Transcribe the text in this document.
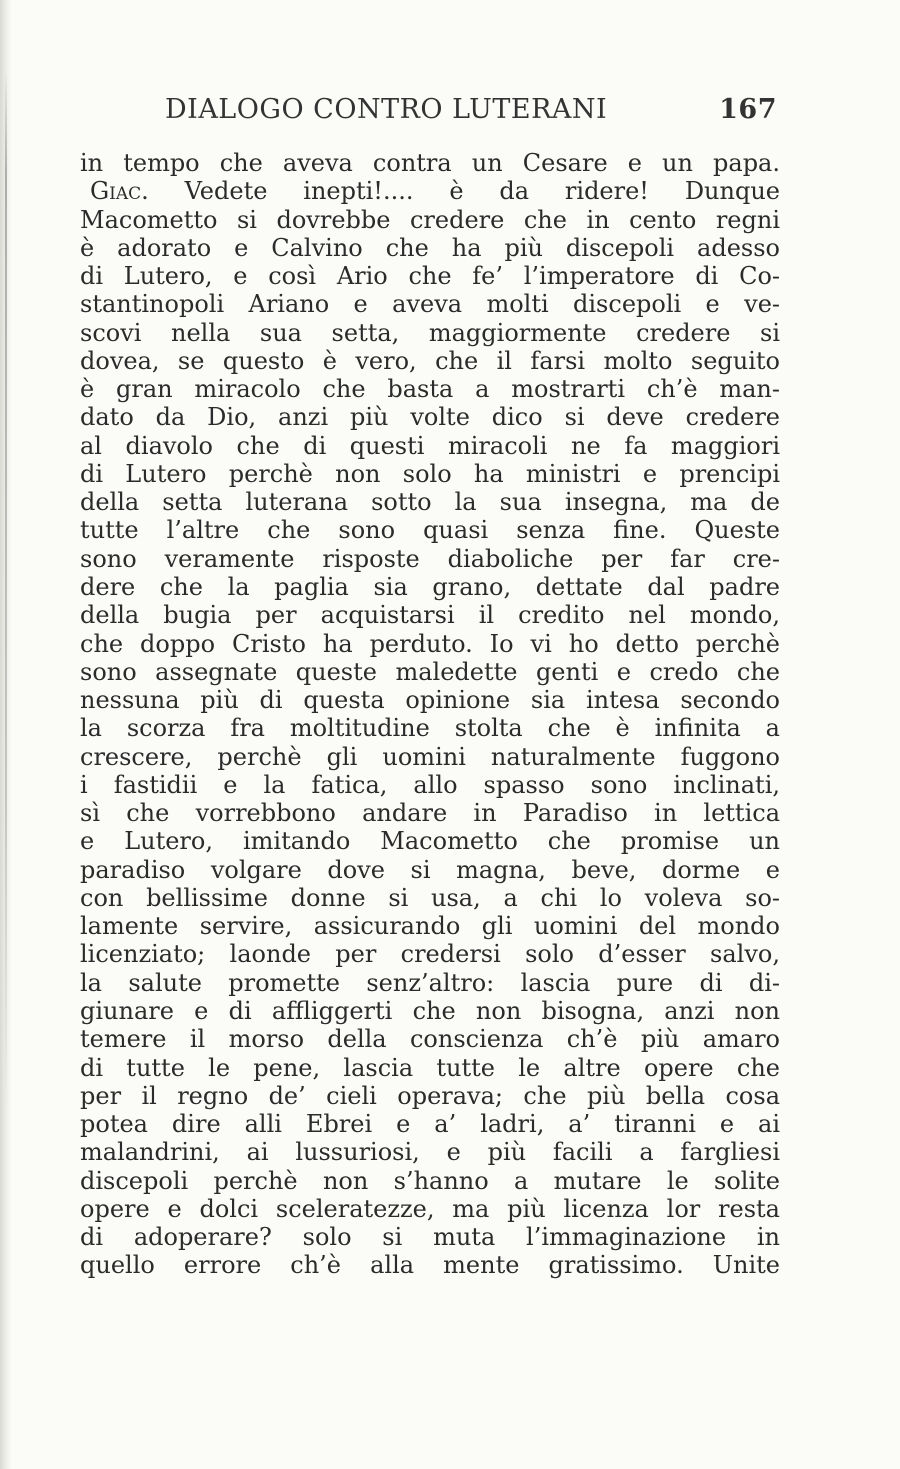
DIALOGO CONTRO LUTERANI	167
in tempo che aveva contra un Cesare e un papa.
Giac. Vedete inepti!.... è da ridere! Dunque
Macometto si dovrebbe credere che in cento regni
è adorato e Calvino che ha più discepoli adesso
di Lutero, e così Ario che fe’ l’imperatore di Co-
stantinopoli Ariano e aveva molti discepoli e ve-
scovi nella sua setta, maggiormente credere si
dovea, se questo è vero, che il farsi molto seguito
è gran miracolo che basta a mostrarti ch’è man-
dato da Dio, anzi più volte dico si deve credere
al diavolo che di questi miracoli ne fa maggiori
di Lutero perchè non solo ha ministri e prencipi
della setta luterana sotto la sua insegna, ma de
tutte l’altre che sono quasi senza fine. Queste
sono veramente risposte diaboliche per far cre-
dere che la paglia sia grano, dettate dal padre
della bugia per acquistarsi il credito nel mondo,
che doppo Cristo ha perduto. Io vi ho detto perchè
sono assegnate queste maledette genti e credo che
nessuna più di questa opinione sia intesa secondo
la scorza fra moltitudine stolta che è infinita a
crescere, perchè gli uomini naturalmente fuggono
i fastidii e la fatica, allo spasso sono inclinati,
sì che vorrebbono andare in Paradiso in lettica
e Lutero, imitando Macometto che promise un
paradiso volgare dove si magna, beve, dorme e
con bellissime donne si usa, a chi lo voleva so-
lamente servire, assicurando gli uomini del mondo
licenziato; laonde per credersi solo d’esser salvo,
la salute promette senz’altro: lascia pure di di-
giunare e di affliggerti che non bisogna, anzi non
temere il morso della conscienza ch’è più amaro
di tutte le pene, lascia tutte le altre opere che
per il regno de’ cieli operava; che più bella cosa
potea dire alli Ebrei e a’ ladri, a’ tiranni e ai
malandrini, ai lussuriosi, e più facili a fargliesi
discepoli perchè non s’hanno a mutare le solite
opere e dolci sceleratezze, ma più licenza lor resta
di adoperare? solo si muta l’immaginazione in
quello errore ch’è alla mente gratissimo. Unite
